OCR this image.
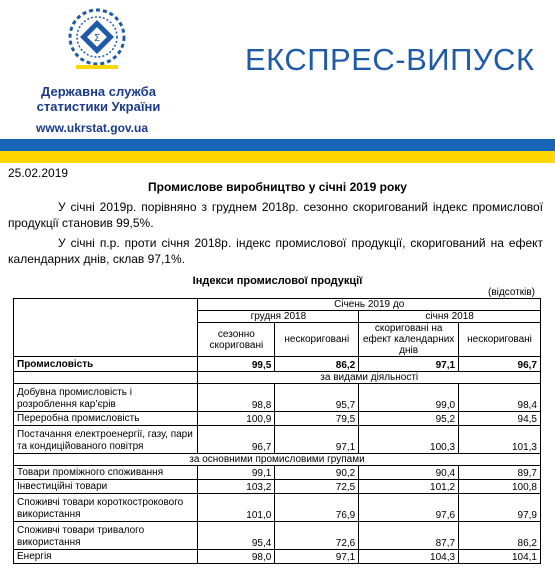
Σ
Державна служба
статистики України
www.ukrstat.gov.ua
ЕКСПРЕС-ВИПУСК
25.02.2019
Промислове виробництво у січні 2019 року
У січні 2019р. порівняно з груднем 2018р. сезонно скоригований індекс промислової продукції становив 99,5%.
У січні п.р. проти січня 2018р. індекс промислової продукції, скоригований на ефект календарних днів, склав 97,1%.
Індекси промислової продукції
(відсоткiв)
	Січень 2019 до			
	грудня 2018		січня 2018	
	сезонно скориговані	нескориговані	скориговані на ефект календарних днів	нескориговані
Промисловість	99,5	86,2	97,1	96,7
	за видами діяльності			
Добувна промисловість і розроблення кар’єрів	98,8	95,7	99,0	98,4
Переробна промисловість	100,9	79,5	95,2	94,5
Постачання електроенергії, газу, пари та кондиційованого повітря	96,7	97,1	100,3	101,3
за основними промисловими групами				
Товари проміжного споживання	99,1	90,2	90,4	89,7
Інвестиційні товари	103,2	72,5	101,2	100,8
Споживчі товари короткострокового використання	101,0	76,9	97,6	97,9
Споживчі товари тривалого використання	95,4	72,6	87,7	86,2
Енергія	98,0	97,1	104,3	104,1
